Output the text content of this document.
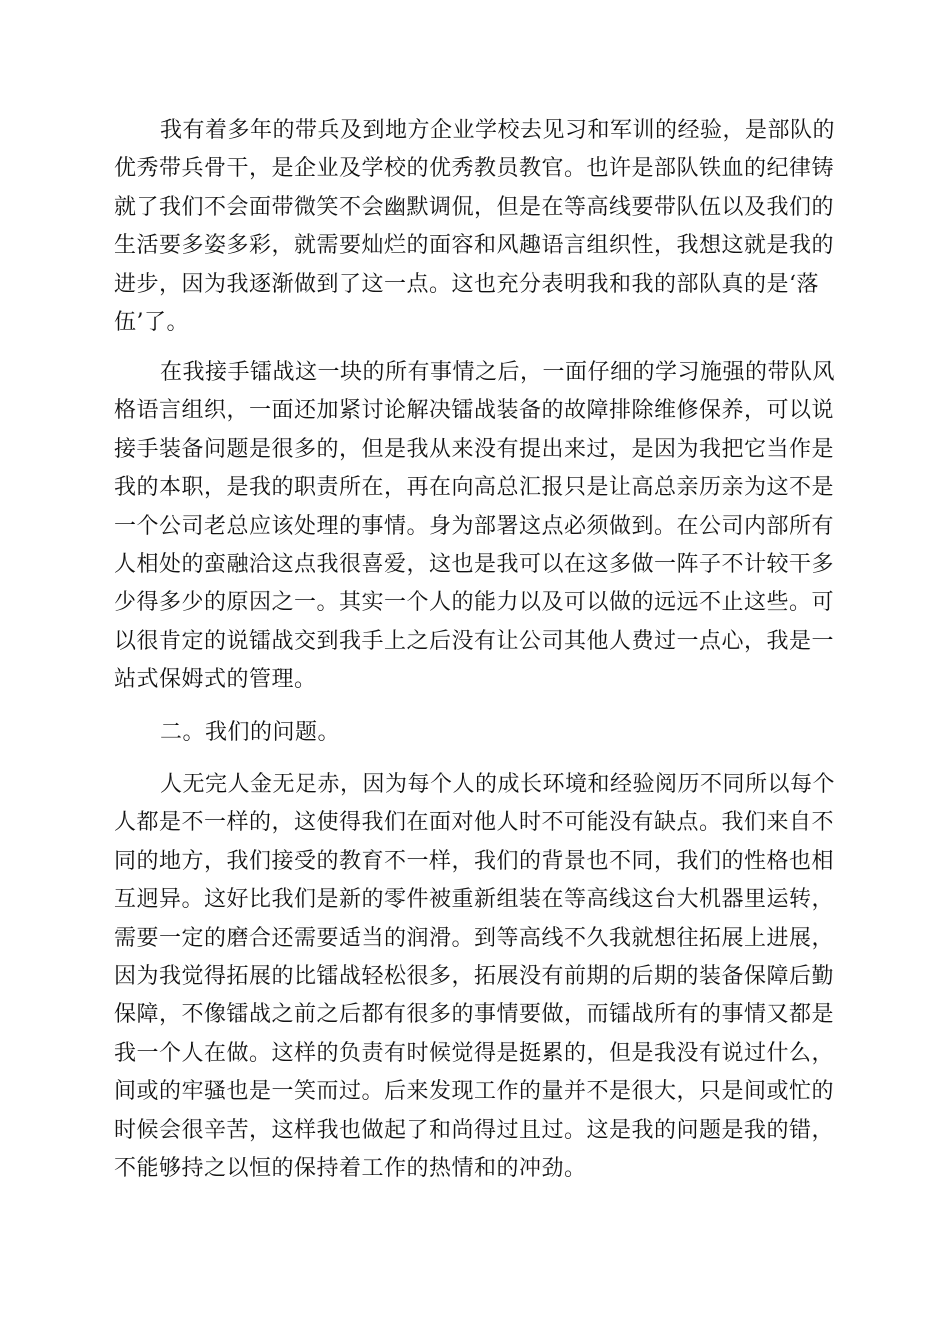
我有着多年的带兵及到地方企业学校去见习和军训的经验，是部队的
优秀带兵骨干，是企业及学校的优秀教员教官。也许是部队铁血的纪律铸
就了我们不会面带微笑不会幽默调侃，但是在等高线要带队伍以及我们的
生活要多姿多彩，就需要灿烂的面容和风趣语言组织性，我想这就是我的
进步，因为我逐渐做到了这一点。这也充分表明我和我的部队真的是‘落
伍’了。
在我接手镭战这一块的所有事情之后，一面仔细的学习施强的带队风
格语言组织，一面还加紧讨论解决镭战装备的故障排除维修保养，可以说
接手装备问题是很多的，但是我从来没有提出来过，是因为我把它当作是
我的本职，是我的职责所在，再在向高总汇报只是让高总亲历亲为这不是
一个公司老总应该处理的事情。身为部署这点必须做到。在公司内部所有
人相处的蛮融洽这点我很喜爱，这也是我可以在这多做一阵子不计较干多
少得多少的原因之一。其实一个人的能力以及可以做的远远不止这些。可
以很肯定的说镭战交到我手上之后没有让公司其他人费过一点心，我是一
站式保姆式的管理。
二。我们的问题。
人无完人金无足赤，因为每个人的成长环境和经验阅历不同所以每个
人都是不一样的，这使得我们在面对他人时不可能没有缺点。我们来自不
同的地方，我们接受的教育不一样，我们的背景也不同，我们的性格也相
互迥异。这好比我们是新的零件被重新组装在等高线这台大机器里运转，
需要一定的磨合还需要适当的润滑。到等高线不久我就想往拓展上进展，
因为我觉得拓展的比镭战轻松很多，拓展没有前期的后期的装备保障后勤
保障，不像镭战之前之后都有很多的事情要做，而镭战所有的事情又都是
我一个人在做。这样的负责有时候觉得是挺累的，但是我没有说过什么，
间或的牢骚也是一笑而过。后来发现工作的量并不是很大，只是间或忙的
时候会很辛苦，这样我也做起了和尚得过且过。这是我的问题是我的错，
不能够持之以恒的保持着工作的热情和的冲劲。
